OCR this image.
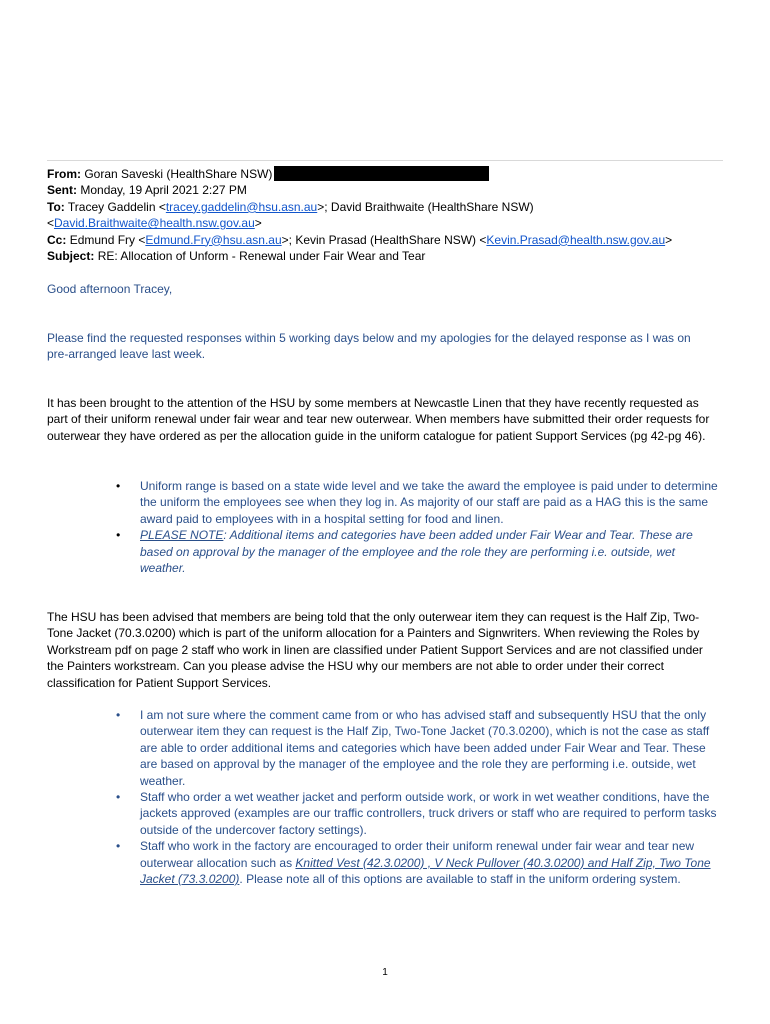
From: Goran Saveski (HealthShare NSW)
Sent: Monday, 19 April 2021 2:27 PM
To: Tracey Gaddelin <tracey.gaddelin@hsu.asn.au>; David Braithwaite (HealthShare NSW)
<David.Braithwaite@health.nsw.gov.au>
Cc: Edmund Fry <Edmund.Fry@hsu.asn.au>; Kevin Prasad (HealthShare NSW) <Kevin.Prasad@health.nsw.gov.au>
Subject: RE: Allocation of Unform - Renewal under Fair Wear and Tear

Good afternoon Tracey,

Please find the requested responses within 5 working days below and my apologies for the delayed response as I was on pre-arranged leave last week.

It has been brought to the attention of the HSU by some members at Newcastle Linen that they have recently requested as part of their uniform renewal under fair wear and tear new outerwear. When members have submitted their order requests for outerwear they have ordered as per the allocation guide in the uniform catalogue for patient Support Services (pg 42-pg 46).

• Uniform range is based on a state wide level and we take the award the employee is paid under to determine the uniform the employees see when they log in. As majority of our staff are paid as a HAG this is the same award paid to employees with in a hospital setting for food and linen.
• PLEASE NOTE: Additional items and categories have been added under Fair Wear and Tear. These are based on approval by the manager of the employee and the role they are performing i.e. outside, wet weather.

The HSU has been advised that members are being told that the only outerwear item they can request is the Half Zip, Two-Tone Jacket (70.3.0200) which is part of the uniform allocation for a Painters and Signwriters. When reviewing the Roles by Workstream pdf on page 2 staff who work in linen are classified under Patient Support Services and are not classified under the Painters workstream. Can you please advise the HSU why our members are not able to order under their correct classification for Patient Support Services.

• I am not sure where the comment came from or who has advised staff and subsequently HSU that the only outerwear item they can request is the Half Zip, Two-Tone Jacket (70.3.0200), which is not the case as staff are able to order additional items and categories which have been added under Fair Wear and Tear. These are based on approval by the manager of the employee and the role they are performing i.e. outside, wet weather.
• Staff who order a wet weather jacket and perform outside work, or work in wet weather conditions, have the jackets approved (examples are our traffic controllers, truck drivers or staff who are required to perform tasks outside of the undercover factory settings).
• Staff who work in the factory are encouraged to order their uniform renewal under fair wear and tear new outerwear allocation such as Knitted Vest (42.3.0200) , V Neck Pullover (40.3.0200) and Half Zip, Two Tone Jacket (73.3.0200). Please note all of this options are available to staff in the uniform ordering system.
1
